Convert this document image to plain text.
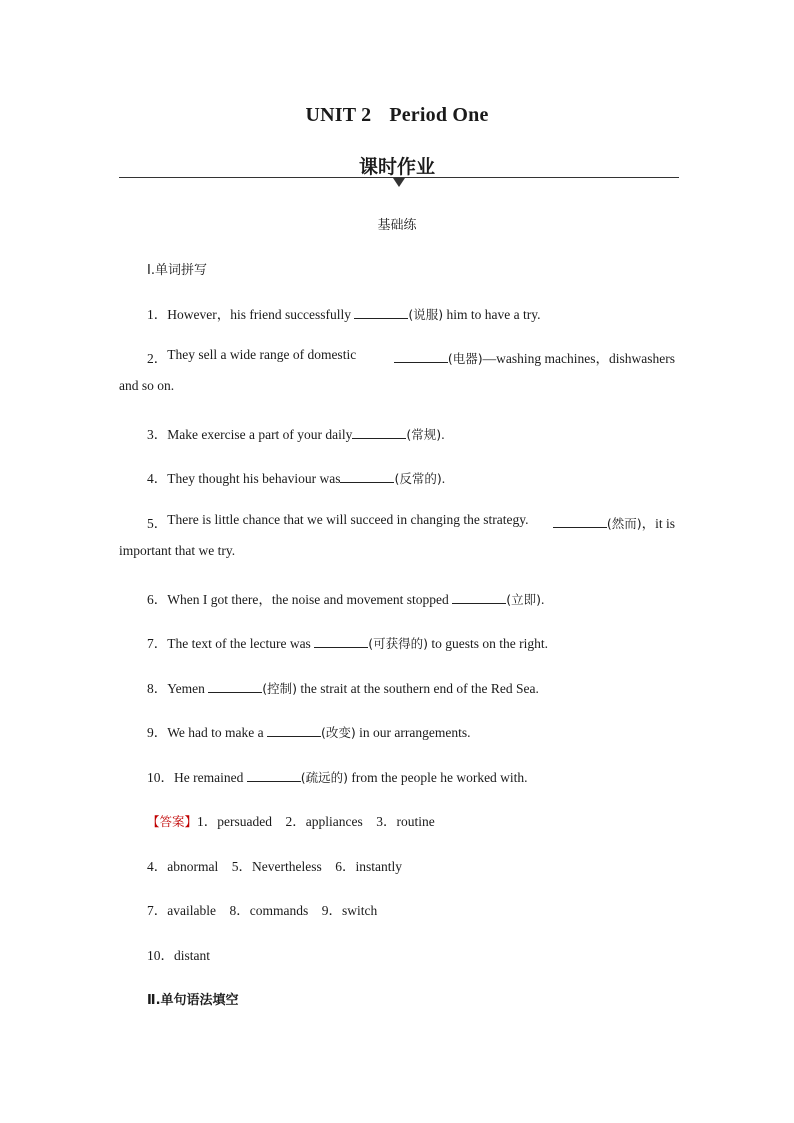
UNIT 2 Period One
课时作业
基础练
Ⅰ.单词拼写
1．However，his friend successfully	(说服) him to have a try.
2． They sell a wide range of domestic	(电器)—washing machines，dishwashers
and so on.
3．Make exercise a part of your daily	(常规).
4．They thought his behaviour was	(反常的).
5． There is little chance that we will succeed in changing the strategy.	(然而)，it is
important that we try.
6．When I got there，the noise and movement stopped	(立即).
7．The text of the lecture was	(可获得的) to guests on the right.
8．Yemen	(控制) the strait at the southern end of the Red Sea.
9．We had to make a	(改变) in our arrangements.
10．He remained	(疏远的) from the people he worked with.
【答案】1．persuaded　2．appliances　3．routine
4．abnormal　5．Nevertheless　6．instantly
7．available　8．commands　9．switch
10．distant
Ⅱ.单句语法填空
